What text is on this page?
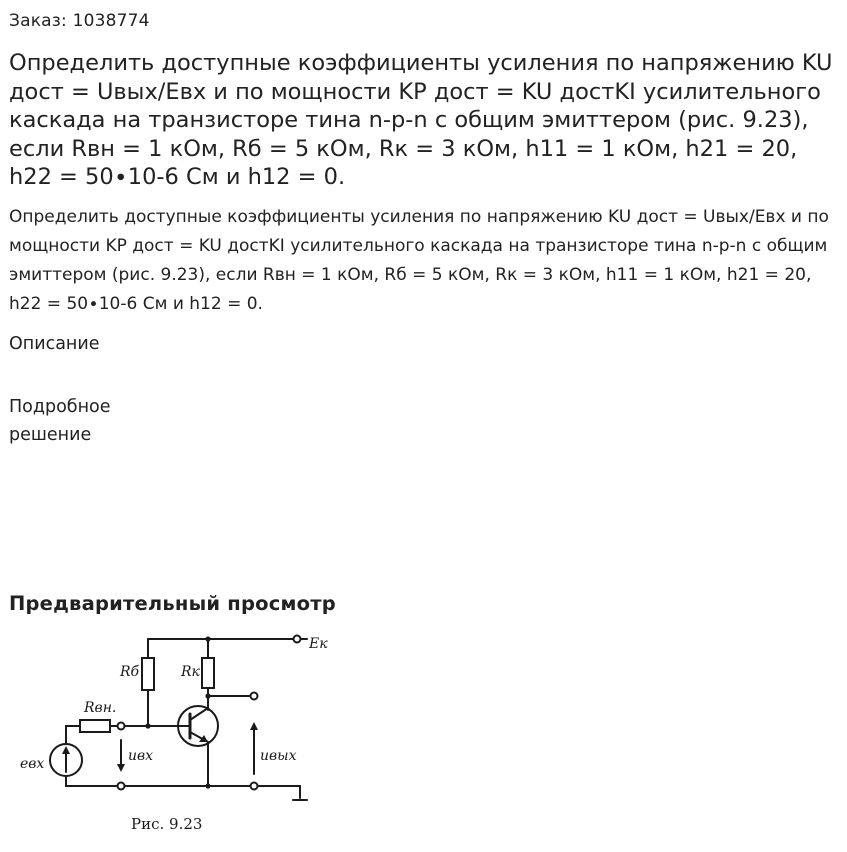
Заказ: 1038774
Определить доступные коэффициенты усиления по напряжению KU дост = Uвых/Eвх и по мощности KP дост = KU достKI усилительного каскада на транзисторе тина n-p-n с общим эмиттером (рис. 9.23), если Rвн = 1 кОм, Rб = 5 кОм, Rк = 3 кОм, h11 = 1 кОм, h21 = 20, h22 = 50∙10-6 См и h12 = 0.

Определить доступные коэффициенты усиления по напряжению KU дост = Uвых/Eвх и по мощности KP дост = KU достKI усилительного каскада на транзисторе тина n-p-n с общим эмиттером (рис. 9.23), если Rвн = 1 кОм, Rб = 5 кОм, Rк = 3 кОм, h11 = 1 кОм, h21 = 20, h22 = 50∙10-6 См и h12 = 0.

Описание
Подробное решение
Предварительный просмотр
Eк
Rб	Rк
Rвн.
eвх	uвх	uвых
Рис. 9.23
